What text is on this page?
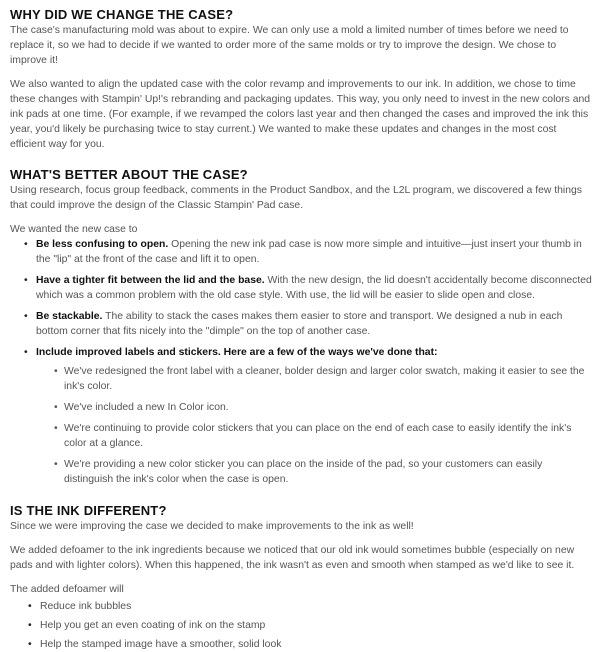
WHY DID WE CHANGE THE CASE?

The case's manufacturing mold was about to expire. We can only use a mold a limited number of times before we need to replace it, so we had to decide if we wanted to order more of the same molds or try to improve the design. We chose to improve it!

We also wanted to align the updated case with the color revamp and improvements to our ink. In addition, we chose to time these changes with Stampin' Up!'s rebranding and packaging updates. This way, you only need to invest in the new colors and ink pads at one time. (For example, if we revamped the colors last year and then changed the cases and improved the ink this year, you'd likely be purchasing twice to stay current.) We wanted to make these updates and changes in the most cost efficient way for you.

WHAT'S BETTER ABOUT THE CASE?

Using research, focus group feedback, comments in the Product Sandbox, and the L2L program, we discovered a few things that could improve the design of the Classic Stampin' Pad case.

We wanted the new case to

• Be less confusing to open. Opening the new ink pad case is now more simple and intuitive—just insert your thumb in the "lip" at the front of the case and lift it to open.
• Have a tighter fit between the lid and the base. With the new design, the lid doesn't accidentally become disconnected which was a common problem with the old case style. With use, the lid will be easier to slide open and close.
• Be stackable. The ability to stack the cases makes them easier to store and transport. We designed a nub in each bottom corner that fits nicely into the "dimple" on the top of another case.
• Include improved labels and stickers. Here are a few of the ways we've done that:
• We've redesigned the front label with a cleaner, bolder design and larger color swatch, making it easier to see the ink's color.
• We've included a new In Color icon.
• We're continuing to provide color stickers that you can place on the end of each case to easily identify the ink's color at a glance.
• We're providing a new color sticker you can place on the inside of the pad, so your customers can easily distinguish the ink's color when the case is open.
IS THE INK DIFFERENT?

Since we were improving the case we decided to make improvements to the ink as well!

We added defoamer to the ink ingredients because we noticed that our old ink would sometimes bubble (especially on new pads and with lighter colors). When this happened, the ink wasn't as even and smooth when stamped as we'd like to see it.

The added defoamer will

• Reduce ink bubbles
• Help you get an even coating of ink on the stamp
• Help the stamped image have a smoother, solid look
